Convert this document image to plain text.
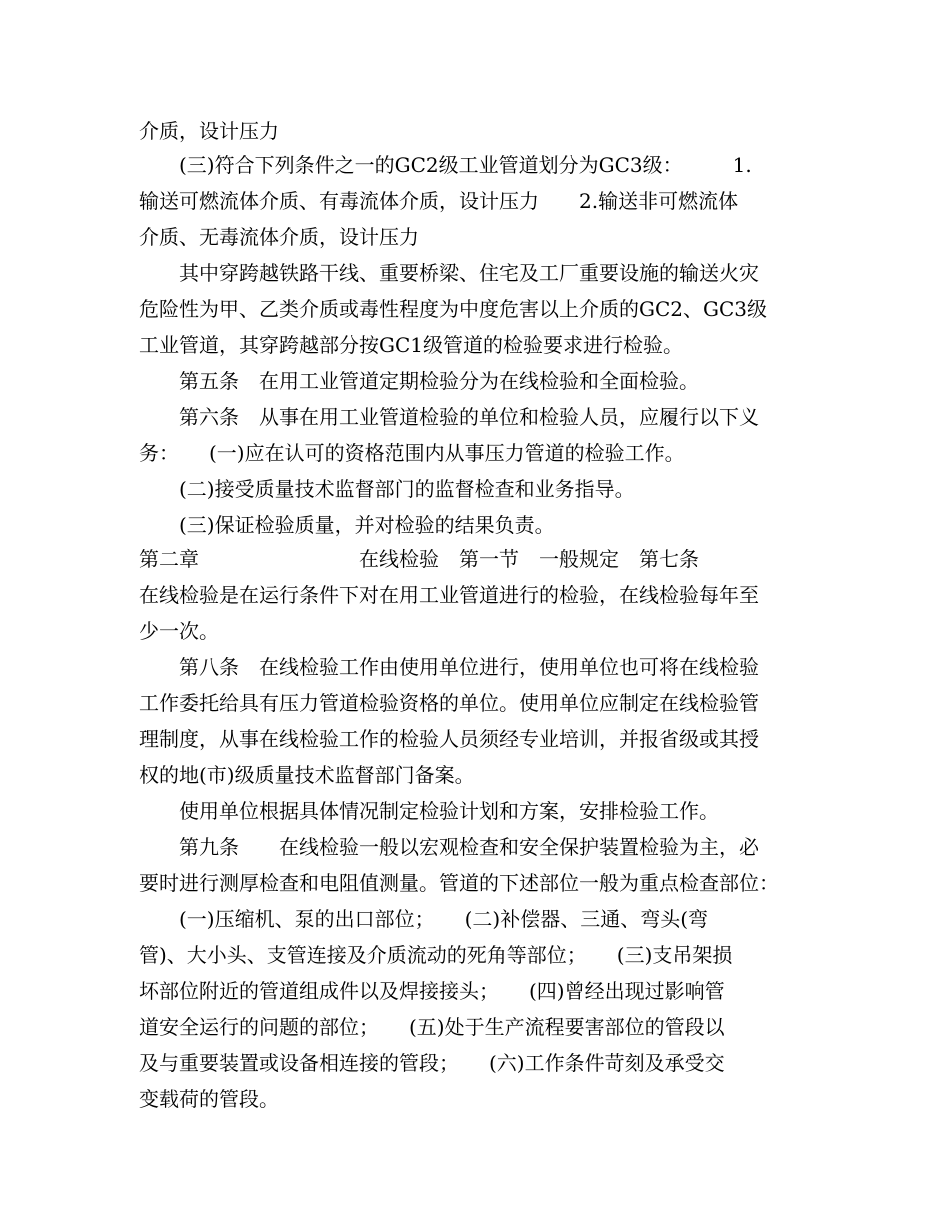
介质，设计压力
　　(三)符合下列条件之一的GC2级工业管道划分为GC3级：　　　1.
输送可燃流体介质、有毒流体介质，设计压力　　2.输送非可燃流体
介质、无毒流体介质，设计压力
　　其中穿跨越铁路干线、重要桥梁、住宅及工厂重要设施的输送火灾
危险性为甲、乙类介质或毒性程度为中度危害以上介质的GC2、GC3级
工业管道，其穿跨越部分按GC1级管道的检验要求进行检验。
　　第五条　在用工业管道定期检验分为在线检验和全面检验。
　　第六条　从事在用工业管道检验的单位和检验人员，应履行以下义
务：　　(一)应在认可的资格范围内从事压力管道的检验工作。
　　(二)接受质量技术监督部门的监督检查和业务指导。
　　(三)保证检验质量，并对检验的结果负责。
第二章　　　　　　　　在线检验　第一节　一般规定　第七条
在线检验是在运行条件下对在用工业管道进行的检验，在线检验每年至
少一次。
　　第八条　在线检验工作由使用单位进行，使用单位也可将在线检验
工作委托给具有压力管道检验资格的单位。使用单位应制定在线检验管
理制度，从事在线检验工作的检验人员须经专业培训，并报省级或其授
权的地(市)级质量技术监督部门备案。
　　使用单位根据具体情况制定检验计划和方案，安排检验工作。
　　第九条　　在线检验一般以宏观检查和安全保护装置检验为主，必
要时进行测厚检查和电阻值测量。管道的下述部位一般为重点检查部位：
　　(一)压缩机、泵的出口部位；　　(二)补偿器、三通、弯头(弯
管)、大小头、支管连接及介质流动的死角等部位；　　(三)支吊架损
坏部位附近的管道组成件以及焊接接头；　　(四)曾经出现过影响管
道安全运行的问题的部位；　　(五)处于生产流程要害部位的管段以
及与重要装置或设备相连接的管段；　　(六)工作条件苛刻及承受交
变载荷的管段。
